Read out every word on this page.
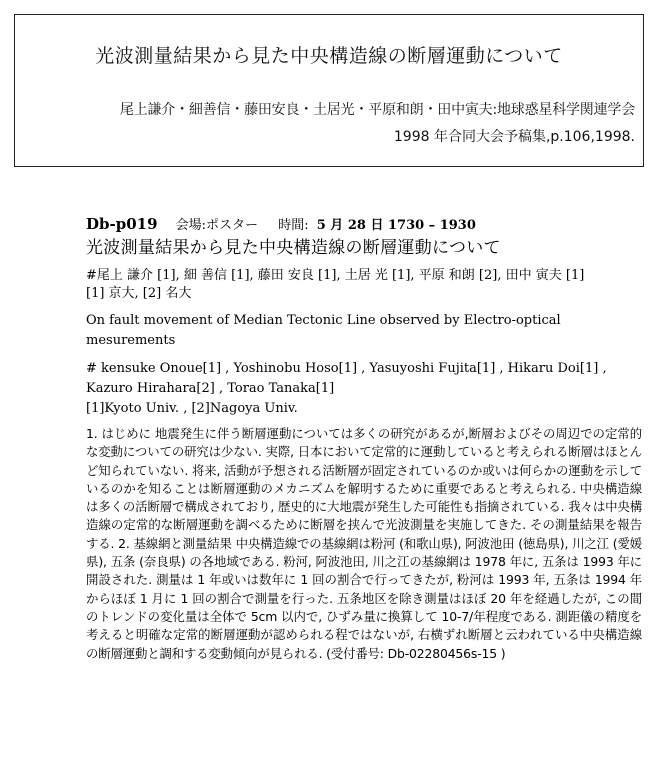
光波測量結果から見た中央構造線の断層運動について
尾上謙介・細善信・藤田安良・土居光・平原和朗・田中寅夫:地球惑星科学関連学会
1998 年合同大会予稿集,p.106,1998.
Db-p019 会場:ポスター 時間: 5 月 28 日 1730 – 1930
光波測量結果から見た中央構造線の断層運動について
#尾上 謙介 [1], 細 善信 [1], 藤田 安良 [1], 土居 光 [1], 平原 和朗 [2], 田中 寅夫 [1]
[1] 京大, [2] 名大
On fault movement of Median Tectonic Line observed by Electro-optical mesurements
# kensuke Onoue[1] , Yoshinobu Hoso[1] , Yasuyoshi Fujita[1] , Hikaru Doi[1] , Kazuro Hirahara[2] , Torao Tanaka[1]
[1]Kyoto Univ. , [2]Nagoya Univ.
1. はじめに 地震発生に伴う断層運動については多くの研究があるが,断層およびその周辺での定常的な変動についての研究は少ない. 実際, 日本において定常的に運動していると考えられる断層はほとんど知られていない. 将来, 活動が予想される活断層が固定されているのか或いは何らかの運動を示しているのかを知ることは断層運動のメカニズムを解明するために重要であると考えられる. 中央構造線は多くの活断層で構成されており, 歴史的に大地震が発生した可能性も指摘されている. 我々は中央構造線の定常的な断層運動を調べるために断層を挟んで光波測量を実施してきた. その測量結果を報告する. 2. 基線網と測量結果 中央構造線での基線網は粉河 (和歌山県), 阿波池田 (徳島県), 川之江 (愛媛県), 五条 (奈良県) の各地域である. 粉河, 阿波池田, 川之江の基線網は 1978 年に, 五条は 1993 年に開設された. 測量は 1 年或いは数年に 1 回の割合で行ってきたが, 粉河は 1993 年, 五条は 1994 年からほぼ 1 月に 1 回の割合で測量を行った. 五条地区を除き測量はほぼ 20 年を経過したが, この間のトレンドの変化量は全体で 5cm 以内で, ひずみ量に換算して 10-7/年程度である. 測距儀の精度を考えると明確な定常的断層運動が認められる程ではないが, 右横ずれ断層と云われている中央構造線の断層運動と調和する変動傾向が見られる. (受付番号: Db-02280456s-15 )
